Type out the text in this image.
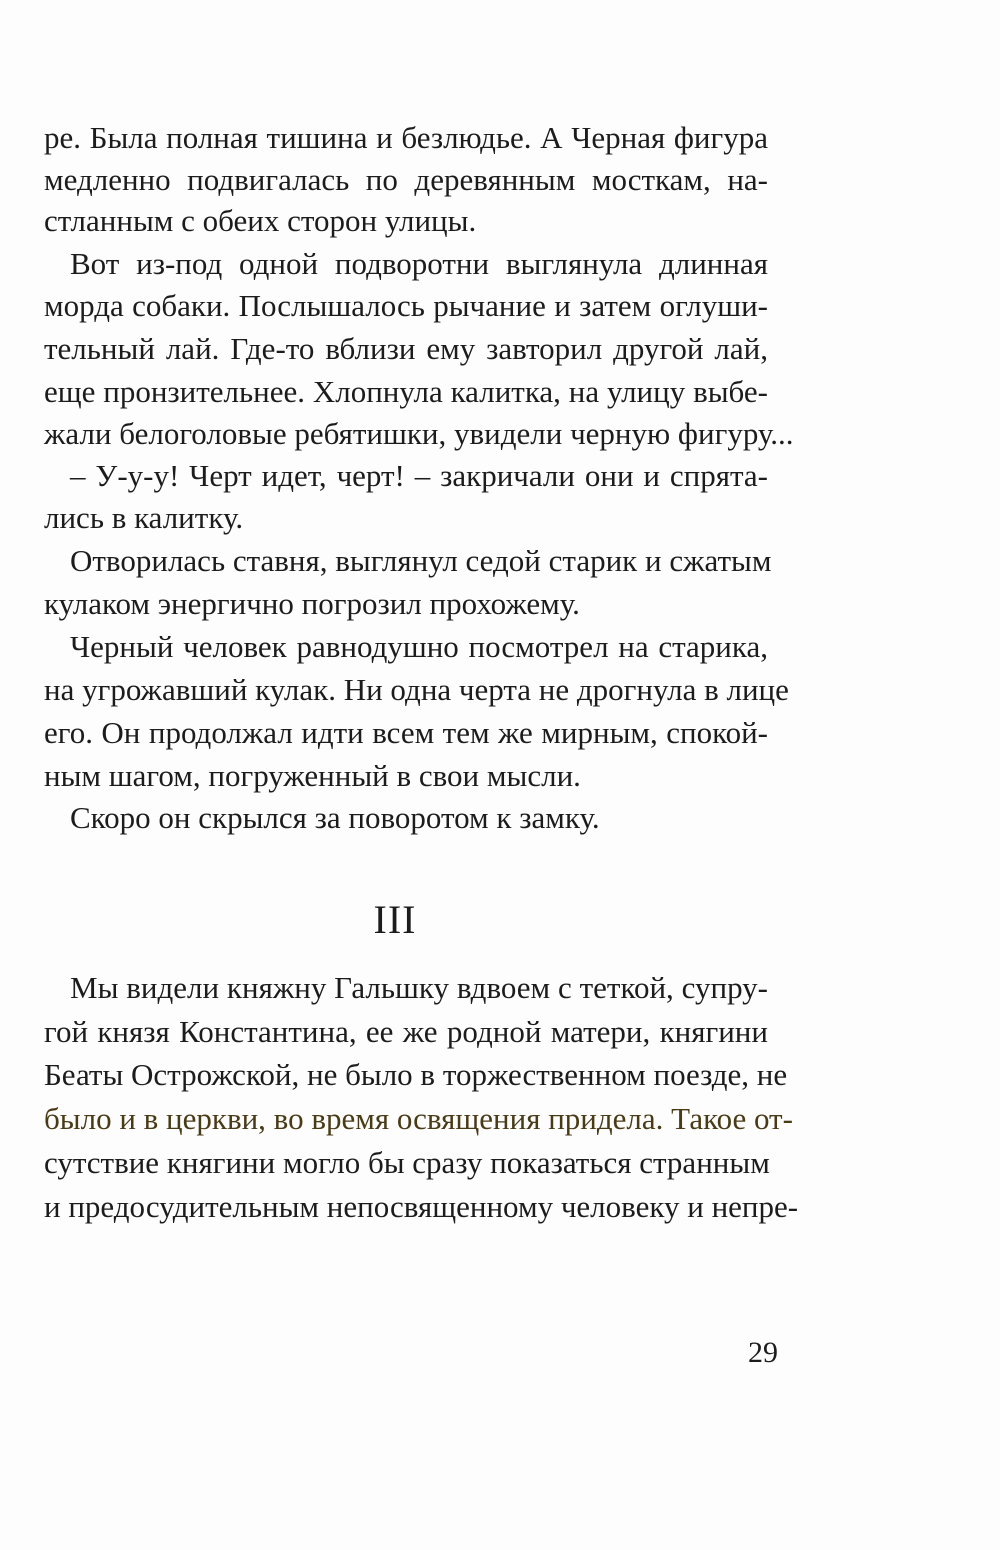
ре. Была полная тишина и безлюдье. А Черная фигура
медленно подвигалась по деревянным мосткам, на-
стланным с обеих сторон улицы.
Вот из-под одной подворотни выглянула длинная
морда собаки. Послышалось рычание и затем оглуши-
тельный лай. Где-то вблизи ему завторил другой лай,
еще пронзительнее. Хлопнула калитка, на улицу выбе-
жали белоголовые ребятишки, увидели черную фигуру...
– У-у-у! Черт идет, черт! – закричали они и спрята-
лись в калитку.
Отворилась ставня, выглянул седой старик и сжатым
кулаком энергично погрозил прохожему.
Черный человек равнодушно посмотрел на старика,
на угрожавший кулак. Ни одна черта не дрогнула в лице
его. Он продолжал идти всем тем же мирным, спокой-
ным шагом, погруженный в свои мысли.
Скоро он скрылся за поворотом к замку.
III
Мы видели княжну Гальшку вдвоем с теткой, супру-
гой князя Константина, ее же родной матери, княгини
Беаты Острожской, не было в торжественном поезде, не
было и в церкви, во время освящения придела. Такое от-
сутствие княгини могло бы сразу показаться странным
и предосудительным непосвященному человеку и непре-
29
